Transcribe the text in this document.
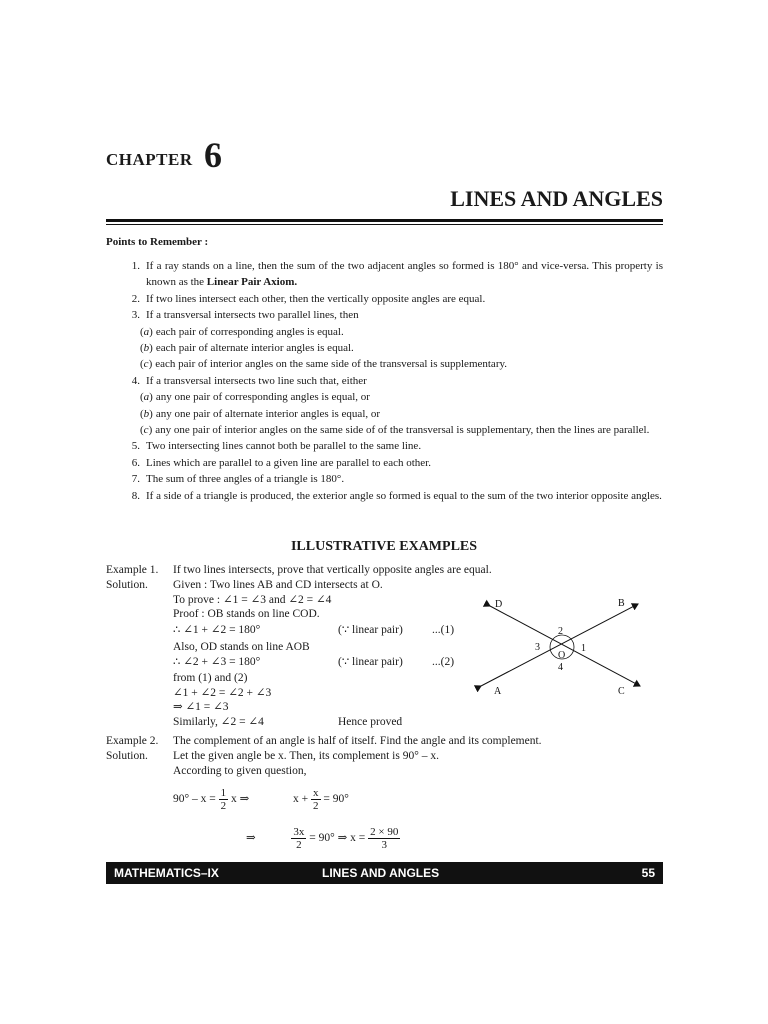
CHAPTER 6
LINES AND ANGLES
Points to Remember :
1. If a ray stands on a line, then the sum of the two adjacent angles so formed is 180° and vice-versa. This property is known as the Linear Pair Axiom.
2. If two lines intersect each other, then the vertically opposite angles are equal.
3. If a transversal intersects two parallel lines, then
(a) each pair of corresponding angles is equal.
(b) each pair of alternate interior angles is equal.
(c) each pair of interior angles on the same side of the transversal is supplementary.
4. If a transversal intersects two line such that, either
(a) any one pair of corresponding angles is equal, or
(b) any one pair of alternate interior angles is equal, or
(c) any one pair of interior angles on the same side of of the transversal is supplementary, then the lines are parallel.
5. Two intersecting lines cannot both be parallel to the same line.
6. Lines which are parallel to a given line are parallel to each other.
7. The sum of three angles of a triangle is 180°.
8. If a side of a triangle is produced, the exterior angle so formed is equal to the sum of the two interior opposite angles.
ILLUSTRATIVE EXAMPLES
Example 1. If two lines intersects, prove that vertically opposite angles are equal.
Solution. Given : Two lines AB and CD intersects at O.
To prove : ∠1 = ∠3 and ∠2 = ∠4
Proof : OB stands on line COD.
∴ ∠1 + ∠2 = 180°	(∵ linear pair)	...(1)
Also, OD stands on line AOB
∴ ∠2 + ∠3 = 180°	(∵ linear pair)	...(2)
from (1) and (2)
∠1 + ∠2 = ∠2 + ∠3
⇒ ∠1 = ∠3
Similarly, ∠2 = ∠4	Hence proved
D	B
A	C
O
2
1
3
4
Example 2. The complement of an angle is half of itself. Find the angle and its complement.
Solution. Let the given angle be x. Then, its complement is 90° – x.
According to given question,
$90^\circ - x = \frac{1}{2}$ x ⇒	$x + \frac{x}{2} = 90^\circ$
⇒	$\frac{3x}{2} = 90^\circ$ ⇒ $x = \frac{2 \times 90}{3}$
MATHEMATICS–IX	LINES AND ANGLES	55
